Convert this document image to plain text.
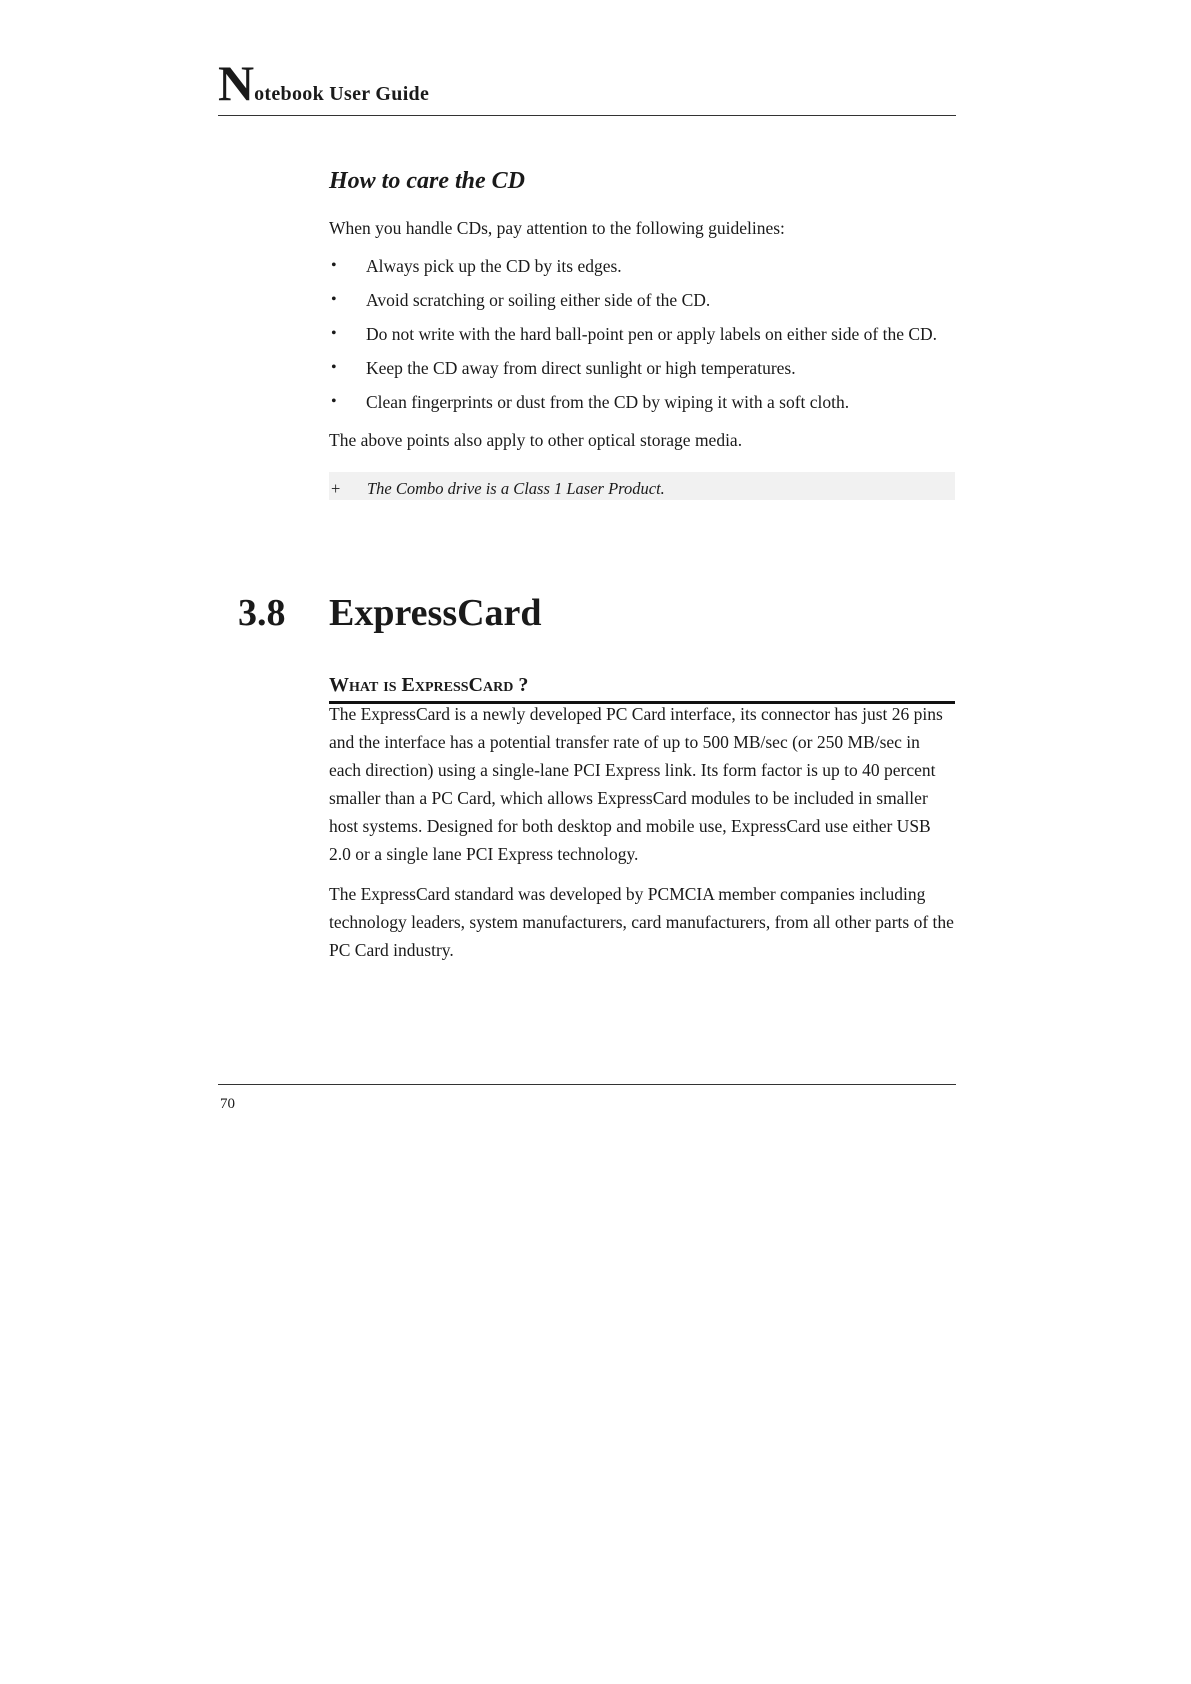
Notebook User Guide
How to care the CD

When you handle CDs, pay attention to the following guidelines:

• Always pick up the CD by its edges.
• Avoid scratching or soiling either side of the CD.
• Do not write with the hard ball-point pen or apply labels on either side of the CD.
• Keep the CD away from direct sunlight or high temperatures.
• Clean fingerprints or dust from the CD by wiping it with a soft cloth.

The above points also apply to other optical storage media.

+ The Combo drive is a Class 1 Laser Product.
3.8 ExpressCard
What is ExpressCard ?

The ExpressCard is a newly developed PC Card interface, its connector has just 26 pins and the interface has a potential transfer rate of up to 500 MB/sec (or 250 MB/sec in each direction) using a single-lane PCI Express link. Its form factor is up to 40 percent smaller than a PC Card, which allows ExpressCard modules to be included in smaller host systems. Designed for both desktop and mobile use, ExpressCard use either USB 2.0 or a single lane PCI Express technology.

The ExpressCard standard was developed by PCMCIA member companies including technology leaders, system manufacturers, card manufacturers, from all other parts of the PC Card industry.

70
